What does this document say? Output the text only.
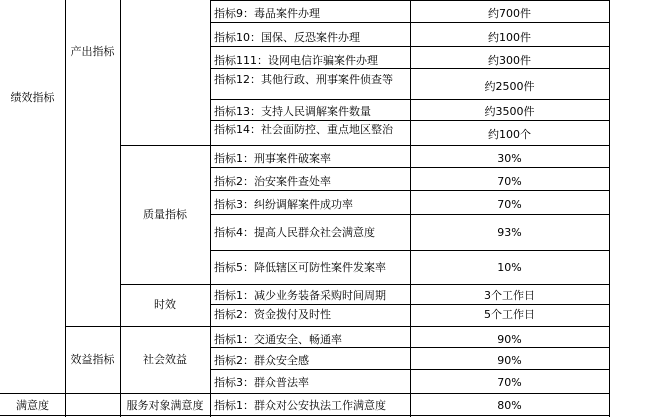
绩效指标
满意度
产出指标
效益指标
服务对象满意度
质量指标
时效
社会效益
指标9：毒品案件办理
指标10：国保、反恐案件办理
指标111：设网电信诈骗案件办理
指标12：其他行政、刑事案件侦查等
指标13：支持人民调解案件数量
指标14：社会面防控、重点地区整治
指标1：刑事案件破案率
指标2：治安案件查处率
指标3：纠纷调解案件成功率
指标4：提高人民群众社会满意度
指标5：降低辖区可防性案件发案率
指标1：减少业务装备采购时间周期
指标2：资金拨付及时性
指标1：交通安全、畅通率
指标2：群众安全感
指标3：群众普法率
指标1：群众对公安执法工作满意度
约700件
约100件
约300件
约2500件
约3500件
约100个
30%
70%
70%
93%
10%
3个工作日
5个工作日
90%
90%
70%
80%
